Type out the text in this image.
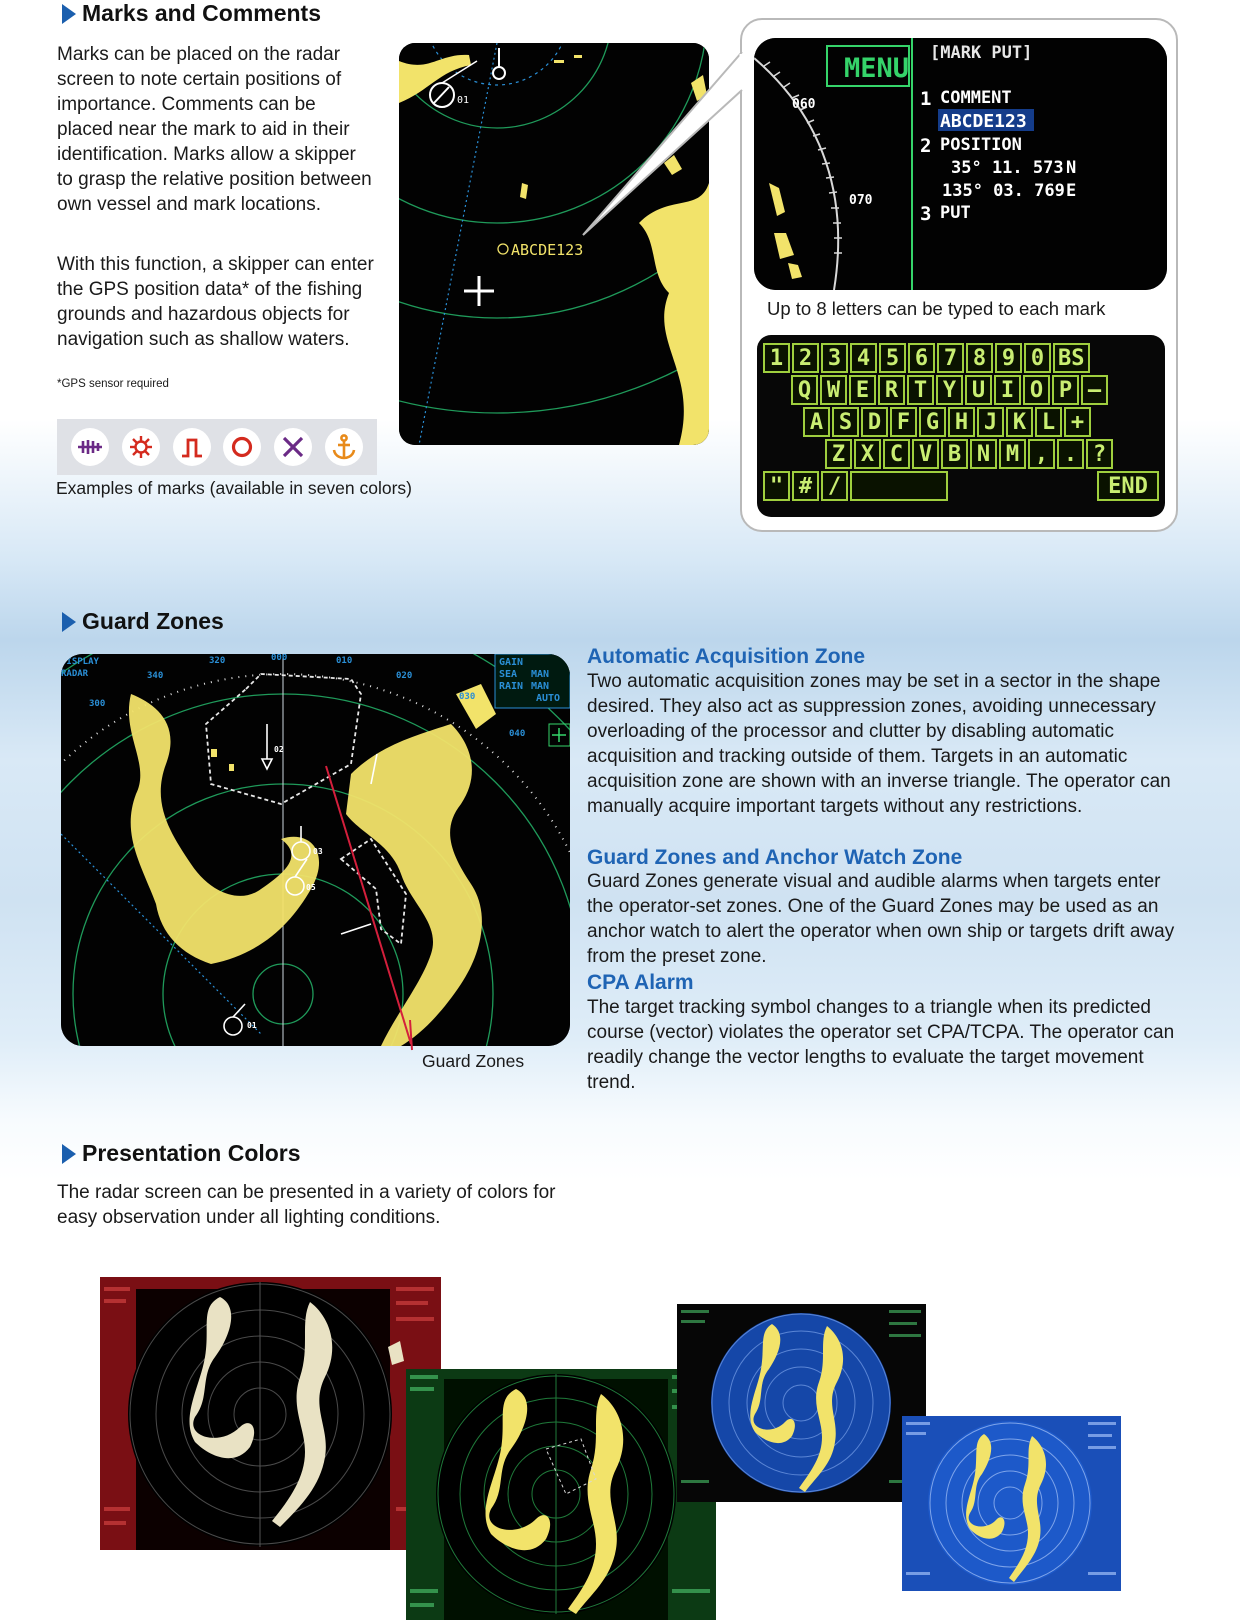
Marks and Comments

Marks can be placed on the radar screen to note certain positions of importance. Comments can be placed near the mark to aid in their identification. Marks allow a skipper to grasp the relative position between own vessel and mark locations.

With this function, a skipper can enter the GPS position data* of the fishing grounds and hazardous objects for navigation such as shallow waters.

*GPS sensor required

01
ABCDE123

Examples of marks (available in seven colors)

060
070
MENU [MARK PUT]
1 COMMENT
ABCDE123
2 POSITION
35° 11. 573 N
135° 03. 769 E
3 PUT

Up to 8 letters can be typed to each mark

1 2 3 4 5 6 7 8 9 0 BS
Q W E R T Y U I O P –
A S D F G H J K L +
Z X C V B N M , . ?
" # /	END
Guard Zones
DISPLAY
RADAR
300
340
320	000	010
020
030
040
GAIN
SEA MAN
RAIN MAN
AUTO
02
03
05
01

Guard Zones

Automatic Acquisition Zone

Two automatic acquisition zones may be set in a sector in the shape desired. They also act as suppression zones, avoiding unnecessary overloading of the processor and clutter by disabling automatic acquisition and tracking outside of them. Targets in an automatic acquisition zone are shown with an inverse triangle. The operator can manually acquire important targets without any restrictions.

Guard Zones and Anchor Watch Zone

Guard Zones generate visual and audible alarms when targets enter the operator-set zones. One of the Guard Zones may be used as an anchor watch to alert the operator when own ship or targets drift away from the preset zone.

CPA Alarm

The target tracking symbol changes to a triangle when its predicted course (vector) violates the operator set CPA/TCPA. The operator can readily change the vector lengths to evaluate the target movement trend.

Presentation Colors

The radar screen can be presented in a variety of colors for easy observation under all lighting conditions.
